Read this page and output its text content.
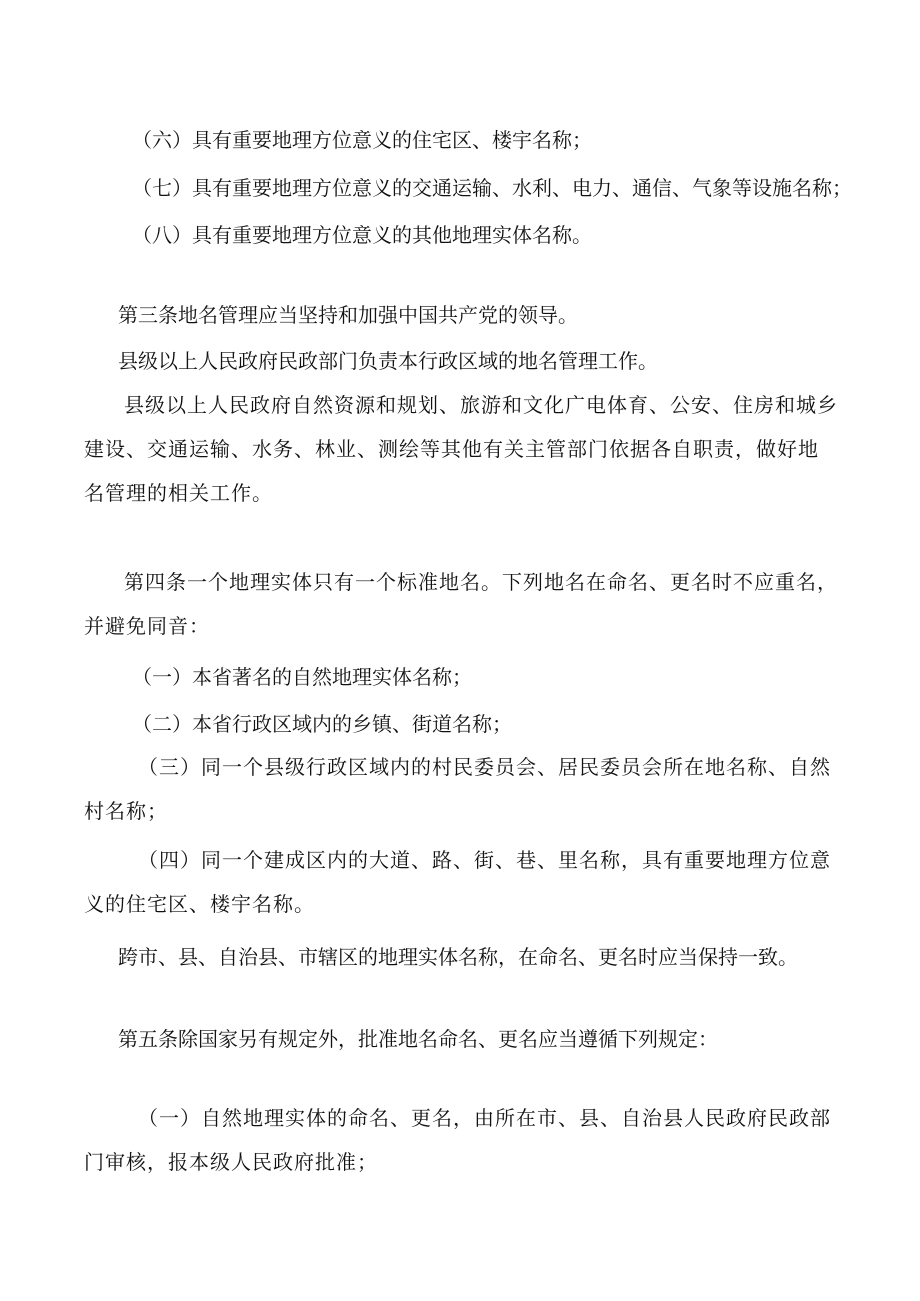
（六）具有重要地理方位意义的住宅区、楼宇名称；

（七）具有重要地理方位意义的交通运输、水利、电力、通信、气象等设施名称；

（八）具有重要地理方位意义的其他地理实体名称。

第三条地名管理应当坚持和加强中国共产党的领导。

县级以上人民政府民政部门负责本行政区域的地名管理工作。

县级以上人民政府自然资源和规划、旅游和文化广电体育、公安、住房和城乡建设、交通运输、水务、林业、测绘等其他有关主管部门依据各自职责，做好地名管理的相关工作。

第四条一个地理实体只有一个标准地名。下列地名在命名、更名时不应重名，并避免同音：

（一）本省著名的自然地理实体名称；

（二）本省行政区域内的乡镇、街道名称；

（三）同一个县级行政区域内的村民委员会、居民委员会所在地名称、自然村名称；

（四）同一个建成区内的大道、路、街、巷、里名称，具有重要地理方位意义的住宅区、楼宇名称。

跨市、县、自治县、市辖区的地理实体名称，在命名、更名时应当保持一致。

第五条除国家另有规定外，批准地名命名、更名应当遵循下列规定：

（一）自然地理实体的命名、更名，由所在市、县、自治县人民政府民政部门审核，报本级人民政府批准；
